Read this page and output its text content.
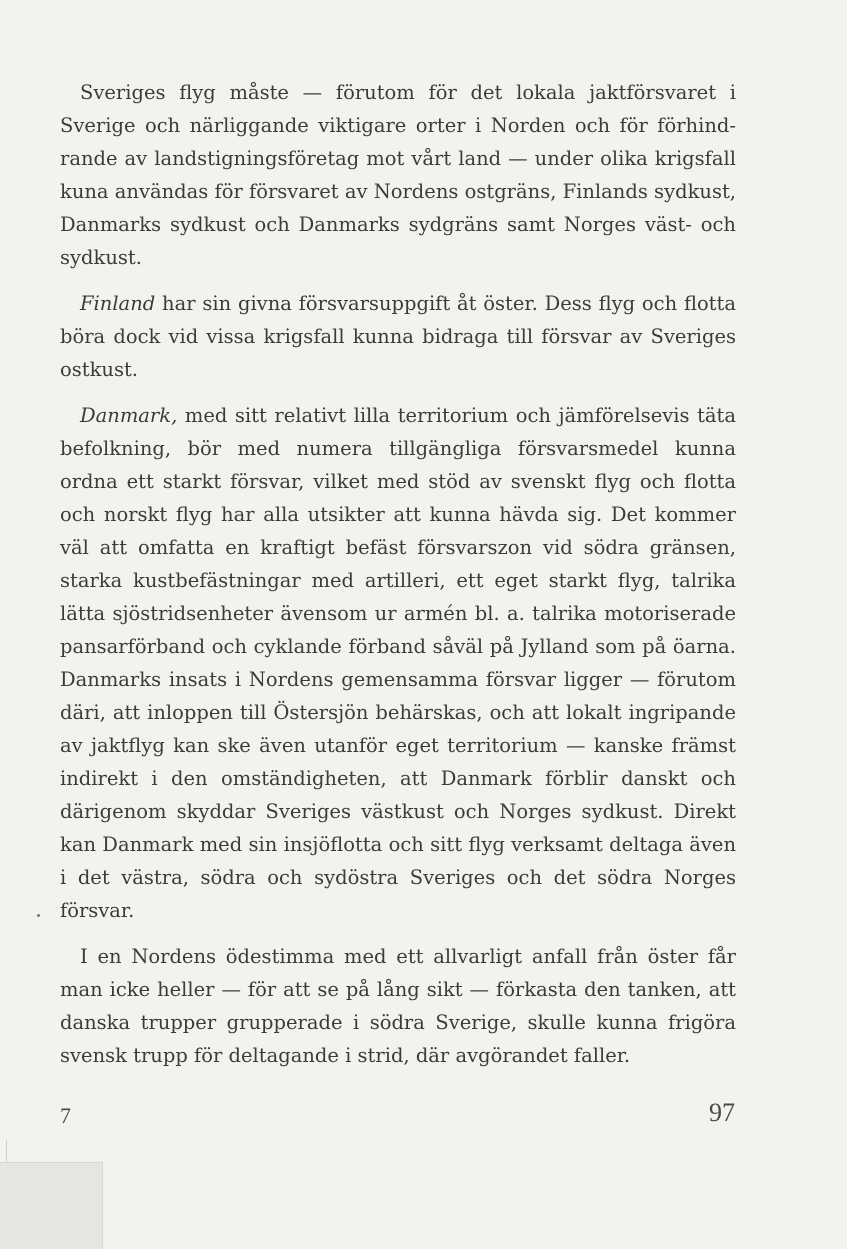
Sveriges flyg måste — förutom för det lokala jaktförsvaret i Sverige och närliggande viktigare orter i Norden och för förhindrande av landstigningsföretag mot vårt land — under olika krigsfall kuna användas för försvaret av Nordens ostgräns, Finlands sydkust, Danmarks sydkust och Danmarks sydgräns samt Norges väst- och sydkust.

Finland har sin givna försvarsuppgift åt öster. Dess flyg och flotta böra dock vid vissa krigsfall kunna bidraga till försvar av Sveriges ostkust.

Danmark, med sitt relativt lilla territorium och jämförelsevis täta befolkning, bör med numera tillgängliga försvarsmedel kunna ordna ett starkt försvar, vilket med stöd av svenskt flyg och flotta och norskt flyg har alla utsikter att kunna hävda sig. Det kommer väl att omfatta en kraftigt befäst försvarszon vid södra gränsen, starka kustbefästningar med artilleri, ett eget starkt flyg, talrika lätta sjöstridsenheter ävensom ur armén bl. a. talrika motoriserade pansarförband och cyklande förband såväl på Jylland som på öarna. Danmarks insats i Nordens gemensamma försvar ligger — förutom däri, att inloppen till Östersjön behärskas, och att lokalt ingripande av jaktflyg kan ske även utanför eget territorium — kanske främst indirekt i den omständigheten, att Danmark förblir danskt och därigenom skyddar Sveriges västkust och Norges sydkust. Direkt kan Danmark med sin insjöflotta och sitt flyg verksamt deltaga även i det västra, södra och sydöstra Sveriges och det södra Norges försvar.

I en Nordens ödestimma med ett allvarligt anfall från öster får man icke heller — för att se på lång sikt — förkasta den tanken, att danska trupper grupperade i södra Sverige, skulle kunna frigöra svensk trupp för deltagande i strid, där avgörandet faller.

7	97
